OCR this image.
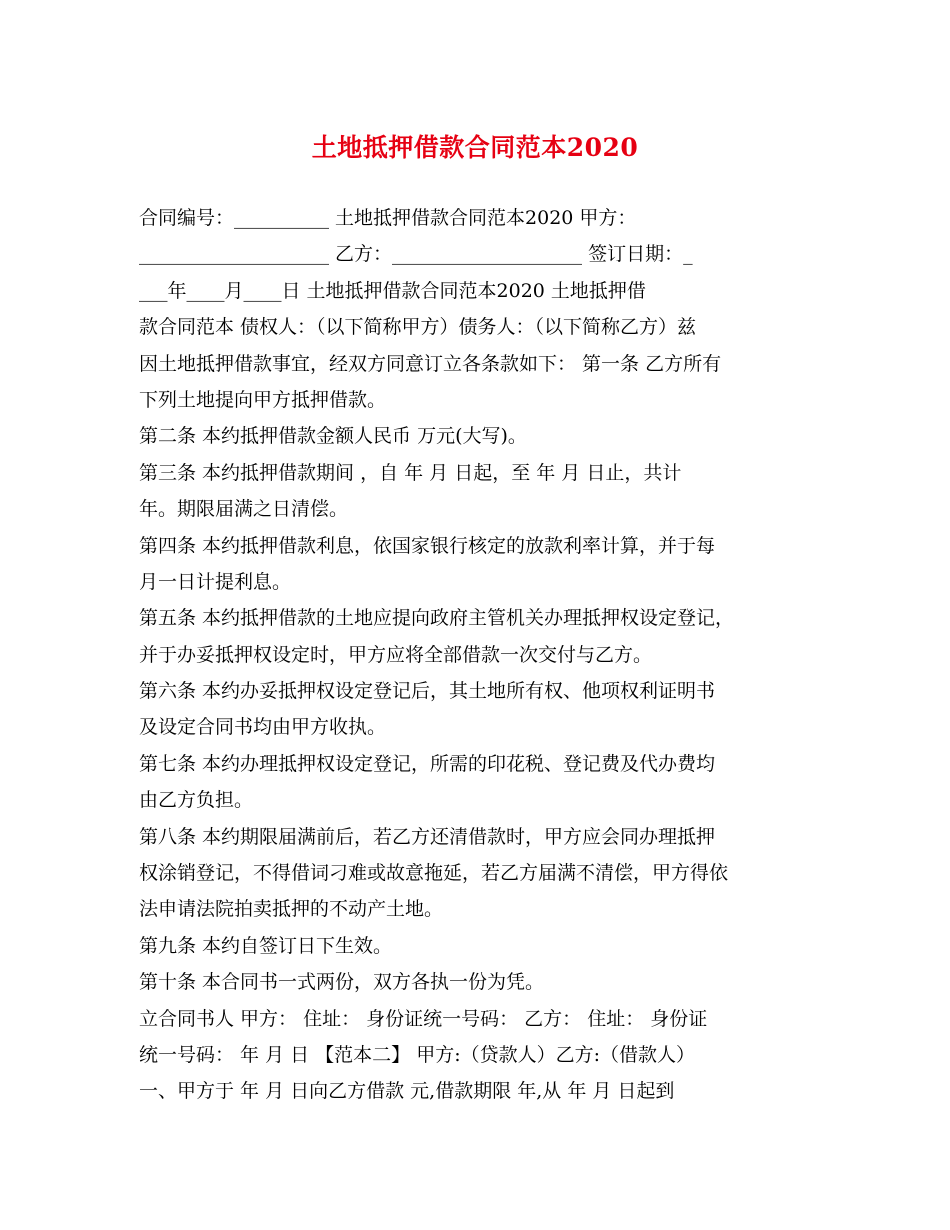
土地抵押借款合同范本2020
合同编号：__________ 土地抵押借款合同范本2020 甲方：
____________________ 乙方：____________________ 签订日期：_
___年____月____日 土地抵押借款合同范本2020 土地抵押借
款合同范本 债权人：（以下简称甲方）债务人：（以下简称乙方）兹
因土地抵押借款事宜，经双方同意订立各条款如下： 第一条 乙方所有
下列土地提向甲方抵押借款。
第二条 本约抵押借款金额人民币 万元(大写)。
第三条 本约抵押借款期间 ，自 年 月 日起，至 年 月 日止，共计
年。期限届满之日清偿。
第四条 本约抵押借款利息，依国家银行核定的放款利率计算，并于每
月一日计提利息。
第五条 本约抵押借款的土地应提向政府主管机关办理抵押权设定登记，
并于办妥抵押权设定时，甲方应将全部借款一次交付与乙方。
第六条 本约办妥抵押权设定登记后，其土地所有权、他项权利证明书
及设定合同书均由甲方收执。
第七条 本约办理抵押权设定登记，所需的印花税、登记费及代办费均
由乙方负担。
第八条 本约期限届满前后，若乙方还清借款时，甲方应会同办理抵押
权涂销登记，不得借词刁难或故意拖延，若乙方届满不清偿，甲方得依
法申请法院拍卖抵押的不动产土地。
第九条 本约自签订日下生效。
第十条 本合同书一式两份，双方各执一份为凭。
立合同书人 甲方： 住址： 身份证统一号码： 乙方： 住址： 身份证
统一号码： 年 月 日 【范本二】 甲方:（贷款人）乙方:（借款人）
一、甲方于 年 月 日向乙方借款 元,借款期限 年,从 年 月 日起到
